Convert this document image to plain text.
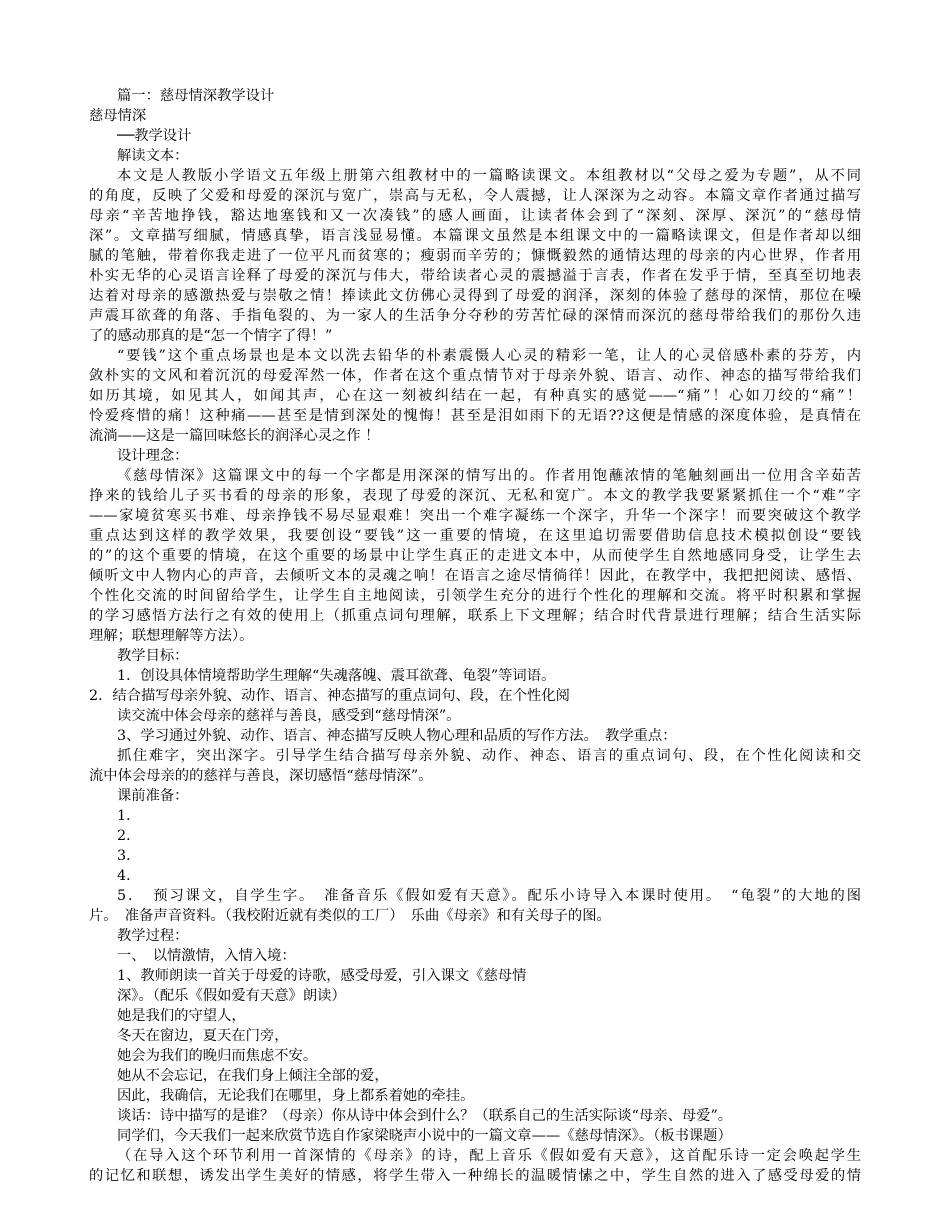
篇一：慈母情深教学设计
慈母情深
──教学设计
解读文本：
本文是人教版小学语文五年级上册第六组教材中的一篇略读课文。本组教材以“父母之爱为专题”，从不同
的角度，反映了父爱和母爱的深沉与宽广，崇高与无私，令人震撼，让人深深为之动容。本篇文章作者通过描写
母亲“辛苦地挣钱，豁达地塞钱和又一次凑钱”的感人画面，让读者体会到了“深刻、深厚、深沉”的“慈母情
深”。文章描写细腻，情感真挚，语言浅显易懂。本篇课文虽然是本组课文中的一篇略读课文，但是作者却以细
腻的笔触，带着你我走进了一位平凡而贫寒的；瘦弱而辛劳的；慷慨毅然的通情达理的母亲的内心世界，作者用
朴实无华的心灵语言诠释了母爱的深沉与伟大，带给读者心灵的震撼溢于言表，作者在发乎于情，至真至切地表
达着对母亲的感激热爱与崇敬之情！捧读此文仿佛心灵得到了母爱的润泽，深刻的体验了慈母的深情，那位在噪
声震耳欲聋的角落、手指龟裂的、为一家人的生活争分夺秒的劳苦忙碌的深情而深沉的慈母带给我们的那份久违
了的感动那真的是“怎一个情字了得！”
“要钱”这个重点场景也是本文以洗去铅华的朴素震慑人心灵的精彩一笔，让人的心灵倍感朴素的芬芳，内
敛朴实的文风和着沉沉的母爱浑然一体，作者在这个重点情节对于母亲外貌、语言、动作、神态的描写带给我们
如历其境，如见其人，如闻其声，心在这一刻被纠结在一起，有种真实的感觉——“痛”！心如刀绞的“痛”！
怜爱疼惜的痛！这种痛——甚至是情到深处的愧悔！甚至是泪如雨下的无语??这便是情感的深度体验，是真情在
流淌——这是一篇回味悠长的润泽心灵之作 ！
设计理念：
《慈母情深》这篇课文中的每一个字都是用深深的情写出的。作者用饱蘸浓情的笔触刻画出一位用含辛茹苦
挣来的钱给儿子买书看的母亲的形象，表现了母爱的深沉、无私和宽广。本文的教学我要紧紧抓住一个“难”字
——家境贫寒买书难、母亲挣钱不易尽显艰难！突出一个难字凝练一个深字，升华一个深字！而要突破这个教学
重点达到这样的教学效果，我要创设“要钱”这一重要的情境，在这里追切需要借助信息技术模拟创设“要钱
的”的这个重要的情境，在这个重要的场景中让学生真正的走进文本中，从而使学生自然地感同身受，让学生去
倾听文中人物内心的声音，去倾听文本的灵魂之响！在语言之途尽情徜徉！因此，在教学中，我把把阅读、感悟、
个性化交流的时间留给学生，让学生自主地阅读，引领学生充分的进行个性化的理解和交流。将平时积累和掌握
的学习感悟方法行之有效的使用上（抓重点词句理解，联系上下文理解；结合时代背景进行理解；结合生活实际
理解；联想理解等方法）。
教学目标：
1．创设具体情境帮助学生理解“失魂落魄、震耳欲聋、龟裂”等词语。
2．结合描写母亲外貌、动作、语言、神态描写的重点词句、段，在个性化阅
读交流中体会母亲的慈祥与善良，感受到“慈母情深”。
3、学习通过外貌、动作、语言、神态描写反映人物心理和品质的写作方法。　教学重点：
抓住难字，突出深字。引导学生结合描写母亲外貌、动作、神态、语言的重点词句、段，在个性化阅读和交
流中体会母亲的的慈祥与善良，深切感悟“慈母情深”。
课前准备：
1．
2．
3．
4．
5．　预习课文，自学生字。　准备音乐《假如爱有天意》。配乐小诗导入本课时使用。　“龟裂”的大地的图
片。　准备声音资料。（我校附近就有类似的工厂）　乐曲《母亲》和有关母子的图。
教学过程：
一、　以情激情，入情入境：
1、教师朗读一首关于母爱的诗歌，感受母爱，引入课文《慈母情
深》。（配乐《假如爱有天意》朗读）
她是我们的守望人，
冬天在窗边，夏天在门旁，
她会为我们的晚归而焦虑不安。
她从不会忘记，在我们身上倾注全部的爱，
因此，我确信，无论我们在哪里，身上都系着她的牵挂。
谈话：诗中描写的是谁？（母亲）你从诗中体会到什么？（联系自己的生活实际谈“母亲、母爱”。
同学们，今天我们一起来欣赏节选自作家梁晓声小说中的一篇文章——《慈母情深》。（板书课题）
（在导入这个环节利用一首深情的《母亲》的诗，配上音乐《假如爱有天意》，这首配乐诗一定会唤起学生
的记忆和联想，诱发出学生美好的情感，将学生带入一种绵长的温暖情愫之中，学生自然的进入了感受母爱的情
